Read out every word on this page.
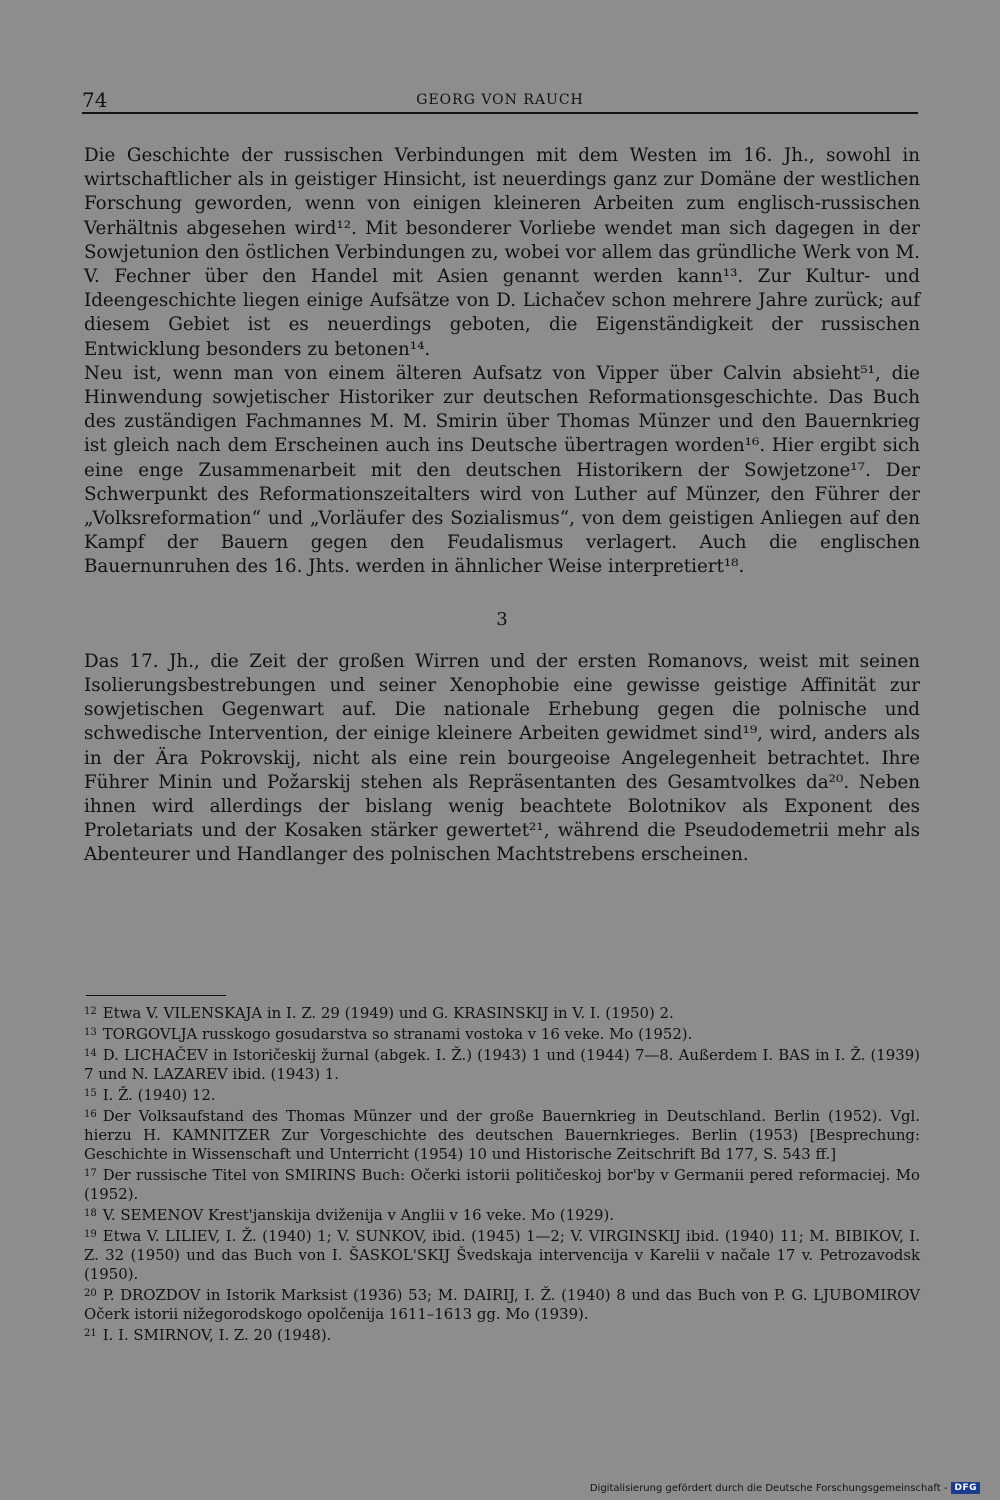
74	GEORG VON RAUCH

Die Geschichte der russischen Verbindungen mit dem Westen im 16. Jh., sowohl in wirtschaftlicher als in geistiger Hinsicht, ist neuerdings ganz zur Domäne der westlichen Forschung geworden, wenn von einigen kleineren Arbeiten zum englisch-russischen Verhältnis abgesehen wird¹². Mit besonderer Vorliebe wendet man sich dagegen in der Sowjetunion den östlichen Verbindungen zu, wobei vor allem das gründliche Werk von M. V. Fechner über den Handel mit Asien genannt werden kann¹³. Zur Kultur- und Ideengeschichte liegen einige Aufsätze von D. Lichačev schon mehrere Jahre zurück; auf diesem Gebiet ist es neuerdings geboten, die Eigenständigkeit der russischen Entwicklung besonders zu betonen¹⁴.

Neu ist, wenn man von einem älteren Aufsatz von Vipper über Calvin absieht⁵¹, die Hinwendung sowjetischer Historiker zur deutschen Reformationsgeschichte. Das Buch des zuständigen Fachmannes M. M. Smirin über Thomas Münzer und den Bauernkrieg ist gleich nach dem Erscheinen auch ins Deutsche übertragen worden¹⁶. Hier ergibt sich eine enge Zusammenarbeit mit den deutschen Historikern der Sowjetzone¹⁷. Der Schwerpunkt des Reformationszeitalters wird von Luther auf Münzer, den Führer der „Volksreformation“ und „Vorläufer des Sozialismus“, von dem geistigen Anliegen auf den Kampf der Bauern gegen den Feudalismus verlagert. Auch die englischen Bauernunruhen des 16. Jhts. werden in ähnlicher Weise interpretiert¹⁸.

3

Das 17. Jh., die Zeit der großen Wirren und der ersten Romanovs, weist mit seinen Isolierungsbestrebungen und seiner Xenophobie eine gewisse geistige Affinität zur sowjetischen Gegenwart auf. Die nationale Erhebung gegen die polnische und schwedische Intervention, der einige kleinere Arbeiten gewidmet sind¹⁹, wird, anders als in der Ära Pokrovskij, nicht als eine rein bourgeoise Angelegenheit betrachtet. Ihre Führer Minin und Požarskij stehen als Repräsentanten des Gesamtvolkes da²⁰. Neben ihnen wird allerdings der bislang wenig beachtete Bolotnikov als Exponent des Proletariats und der Kosaken stärker gewertet²¹, während die Pseudodemetrii mehr als Abenteurer und Handlanger des polnischen Machtstrebens erscheinen.

$^{12}$ Etwa V. VILENSKAJA in I. Z. 29 (1949) und G. KRASINSKIJ in V. I. (1950) 2.

$^{13}$ TORGOVLJA russkogo gosudarstva so stranami vostoka v 16 veke. Mo (1952).

$^{14}$ D. LICHAČEV in Istoričeskij žurnal (abgek. I. Ž.) (1943) 1 und (1944) 7—8. Außerdem I. BAS in I. Ž. (1939) 7 und N. LAZAREV ibid. (1943) 1.

$^{15}$ I. Ž. (1940) 12.

$^{16}$ Der Volksaufstand des Thomas Münzer und der große Bauernkrieg in Deutschland. Berlin (1952). Vgl. hierzu H. KAMNITZER Zur Vorgeschichte des deutschen Bauernkrieges. Berlin (1953) [Besprechung: Geschichte in Wissenschaft und Unterricht (1954) 10 und Historische Zeitschrift Bd 177, S. 543 ff.]

$^{17}$ Der russische Titel von SMIRINS Buch: Očerki istorii političeskoj bor'by v Germanii pered reformaciej. Mo (1952).

$^{18}$ V. SEMENOV Krest'janskija dviženija v Anglii v 16 veke. Mo (1929).

$^{19}$ Etwa V. LILIEV, I. Ž. (1940) 1; V. SUNKOV, ibid. (1945) 1—2; V. VIRGINSKIJ ibid. (1940) 11; M. BIBIKOV, I. Z. 32 (1950) und das Buch von I. ŠASKOL'SKIJ Švedskaja intervencija v Karelii v načale 17 v. Petrozavodsk (1950).

$^{20}$ P. DROZDOV in Istorik Marksist (1936) 53; M. DAIRIJ, I. Ž. (1940) 8 und das Buch von P. G. LJUBOMIROV Očerk istorii nižegorodskogo opolčenija 1611–1613 gg. Mo (1939).

$^{21}$ I. I. SMIRNOV, I. Z. 20 (1948).

Digitalisierung gefördert durch die Deutsche Forschungsgemeinschaft - DFG
